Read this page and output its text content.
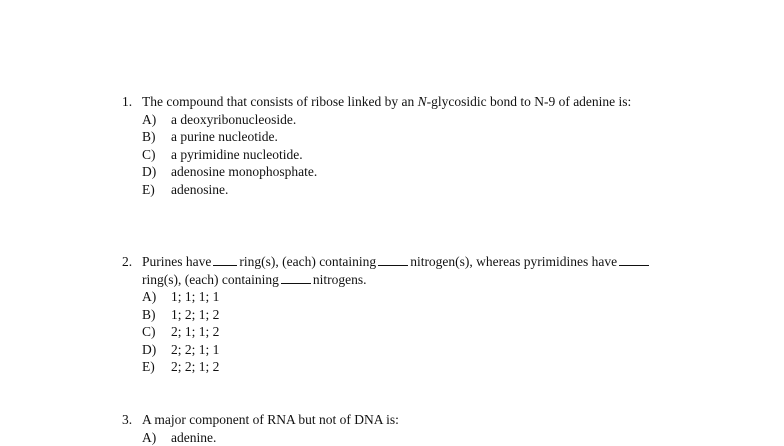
1. The compound that consists of ribose linked by an N-glycosidic bond to N-9 of adenine is:
A)	a deoxyribonucleoside.
B)	a purine nucleotide.
C)	a pyrimidine nucleotide.
D)	adenosine monophosphate.
E)	adenosine.
2. Purines have ring(s), (each) containing	nitrogen(s), whereas pyrimidines havering(s), (each) containing	nitrogens.
A)	1; 1; 1; 1
B)	1; 2; 1; 2
C)	2; 1; 1; 2
D)	2; 2; 1; 1
E)	2; 2; 1; 2
3. A major component of RNA but not of DNA is:
A)	adenine.
